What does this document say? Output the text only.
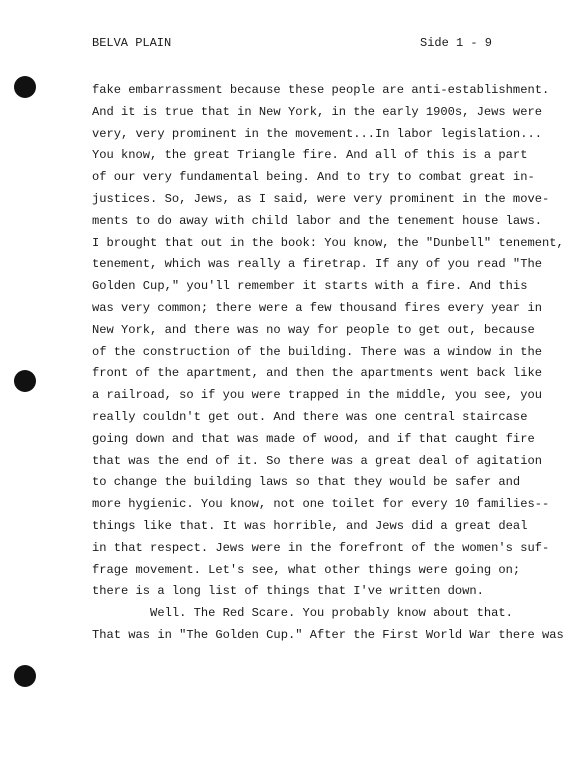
BELVA PLAIN	Side 1 - 9
fake embarrassment because these people are anti-establishment.
And it is true that in New York, in the early 1900s, Jews were
very, very prominent in the movement...In labor legislation...
You know, the great Triangle fire. And all of this is a part
of our very fundamental being. And to try to combat great in-
justices. So, Jews, as I said, were very prominent in the move-
ments to do away with child labor and the tenement house laws.
I brought that out in the book: You know, the "Dunbell" tenement,
tenement, which was really a firetrap. If any of you read "The
Golden Cup," you'll remember it starts with a fire. And this
was very common; there were a few thousand fires every year in
New York, and there was no way for people to get out, because
of the construction of the building. There was a window in the
front of the apartment, and then the apartments went back like
a railroad, so if you were trapped in the middle, you see, you
really couldn't get out. And there was one central staircase
going down and that was made of wood, and if that caught fire
that was the end of it. So there was a great deal of agitation
to change the building laws so that they would be safer and
more hygienic. You know, not one toilet for every 10 families--
things like that. It was horrible, and Jews did a great deal
in that respect. Jews were in the forefront of the women's suf-
frage movement. Let's see, what other things were going on;
there is a long list of things that I've written down.
Well. The Red Scare. You probably know about that.
That was in "The Golden Cup." After the First World War there was
